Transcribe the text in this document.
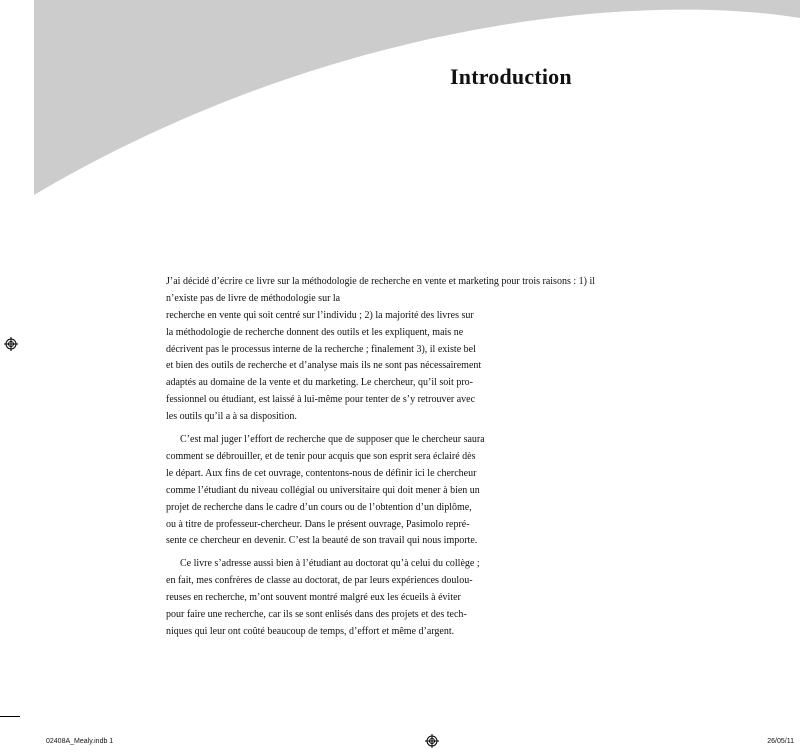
Introduction
J’ai décidé d’écrire ce livre sur la méthodologie de recherche en vente et marketing pour trois raisons : 1) il n’existe pas de livre de méthodologie sur la
recherche en vente qui soit centré sur l’individu ; 2) la majorité des livres sur
la méthodologie de recherche donnent des outils et les expliquent, mais ne
décrivent pas le processus interne de la recherche ; finalement 3), il existe bel
et bien des outils de recherche et d’analyse mais ils ne sont pas nécessairement
adaptés au domaine de la vente et du marketing. Le chercheur, qu’il soit pro-
fessionnel ou étudiant, est laissé à lui-même pour tenter de s’y retrouver avec
les outils qu’il a à sa disposition.
C’est mal juger l’effort de recherche que de supposer que le chercheur saura
comment se débrouiller, et de tenir pour acquis que son esprit sera éclairé dès
le départ. Aux fins de cet ouvrage, contentons-nous de définir ici le chercheur
comme l’étudiant du niveau collégial ou universitaire qui doit mener à bien un
projet de recherche dans le cadre d’un cours ou de l’obtention d’un diplôme,
ou à titre de professeur-chercheur. Dans le présent ouvrage, Pasimolo repré-
sente ce chercheur en devenir. C’est la beauté de son travail qui nous importe.
Ce livre s’adresse aussi bien à l’étudiant au doctorat qu’à celui du collège ;
en fait, mes confrères de classe au doctorat, de par leurs expériences doulou-
reuses en recherche, m’ont souvent montré malgré eux les écueils à éviter
pour faire une recherche, car ils se sont enlisés dans des projets et des tech-
niques qui leur ont coûté beaucoup de temps, d’effort et même d’argent.
02408A_Mealy.indb 1	26/05/11
